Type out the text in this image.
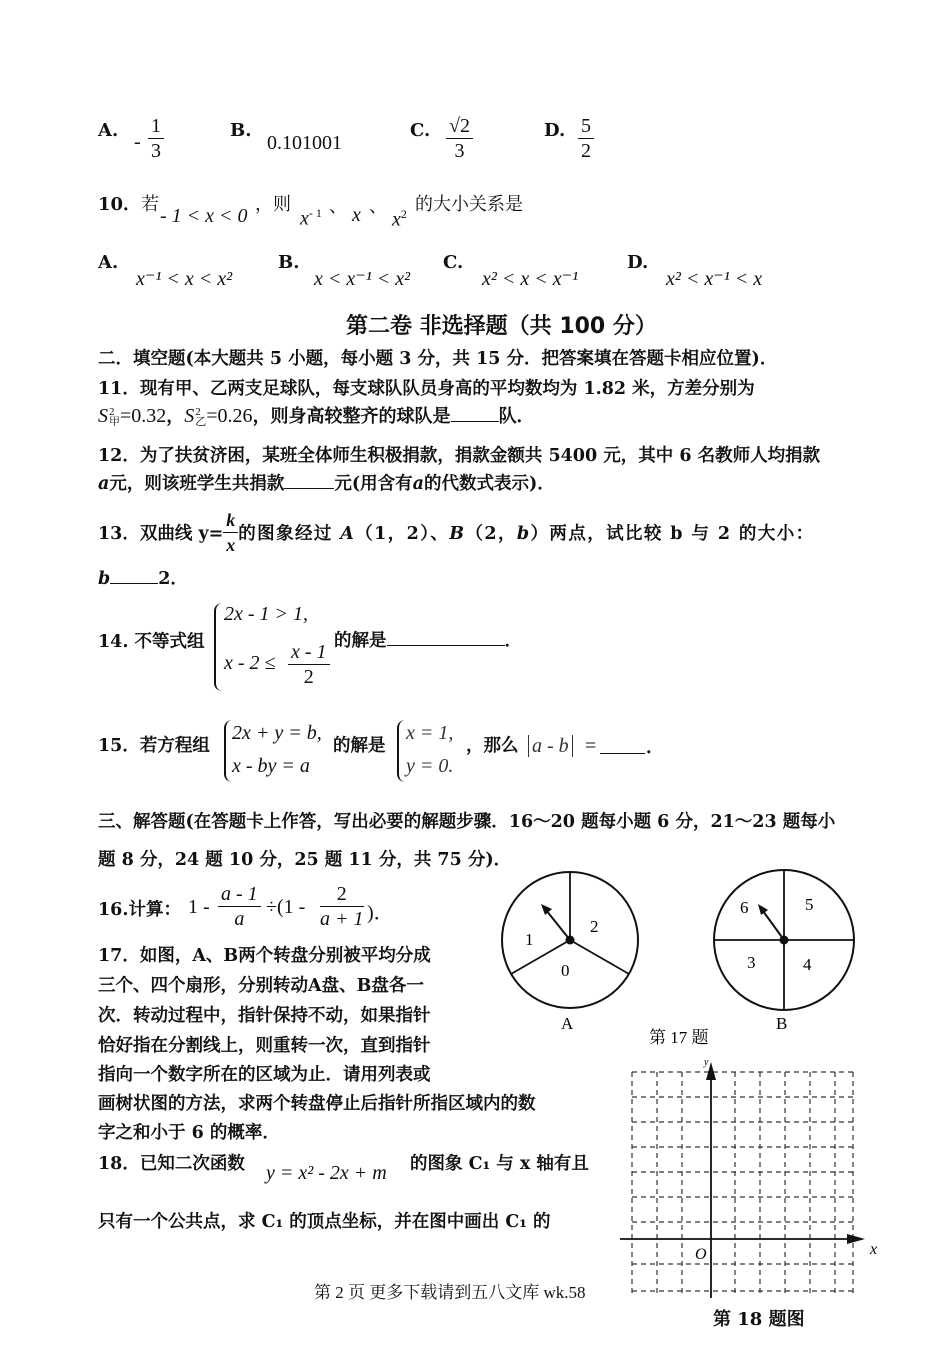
A.
- $\frac{1}{3}$	B.
0.101001
C. $\frac{√2}{3}$	D. $\frac{5}{2}$
10．若
- 1 < x < 0
，则
$x^{- 1}$ 、 x 、
$x^2$ 的大小关系是
A.
x⁻¹ < x < x²
B.
x < x⁻¹ < x²
C.
x² < x < x⁻¹
D.
x² < x⁻¹ < x
第二卷 非选择题（共 100 分）
二．填空题(本大题共 5 小题，每小题 3 分，共 15 分．把答案填在答题卡相应位置)．
11．现有甲、乙两支足球队，每支球队队员身高的平均数均为 1.82 米，方差分别为
S 2
甲 =0.32，S 2
乙 =0.26，则身高较整齐的球队是	队．
12．为了扶贫济困，某班全体师生积极捐款，捐款金额共 5400 元，其中 6 名教师人均捐款
a元，则该班学生共捐款	元(用含有a的代数式表示)．
13．双曲线 $y= \frac{k}{x}$ 的图象经过 A（1，2）、B（2，b）两点，试比较 b 与 2 的大小：
b	2．
14. 不等式组
2x - 1 > 1,
$x - 2 \le \frac{x - 1}{2}$ 的解是	．
15．若方程组
2x + y = b,
x - by = a
的解是
x = 1,
y = 0.
，那么 a - b =	．
三、解答题(在答题卡上作答，写出必要的解题步骤．16～20 题每小题 6 分，21～23 题每小
题 8 分，24 题 10 分，25 题 11 分，共 75 分)．
16.计算： $1 - \frac{a - 1}{a} \div(1 - \frac{2}{a + 1}$ )．
17．如图，A、B两个转盘分别被平均分成
三个、四个扇形，分别转动A盘、B盘各一
次．转动过程中，指针保持不动，如果指针
恰好指在分割线上，则重转一次，直到指针
指向一个数字所在的区域为止．请用列表或
画树状图的方法，求两个转盘停止后指针所指区域内的数
字之和小于 6 的概率．
1
2
0
A
6	5
3	4
B
第 17 题
18．已知二次函数 y = x² - 2x + m 的图象 C₁ 与 x 轴有且
只有一个公共点，求 C₁ 的顶点坐标，并在图中画出 C₁ 的
O	x
y
第 18 题图
第 2 页 更多下载请到五八文库 wk.58
